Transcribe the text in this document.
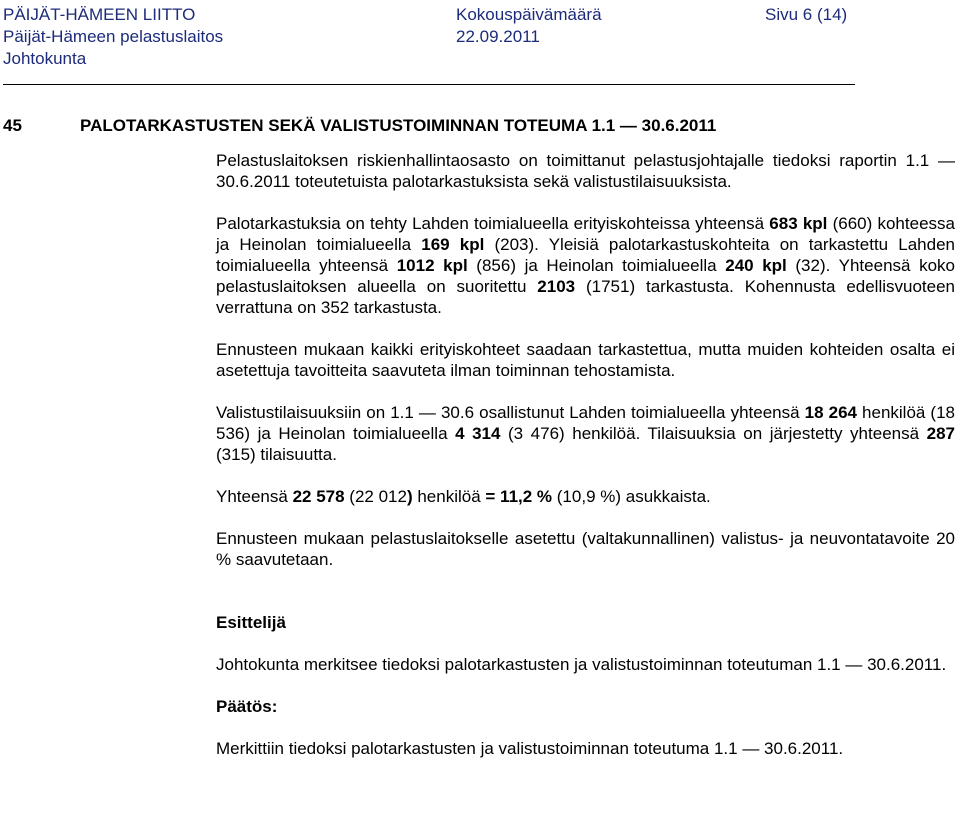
PÄIJÄT-HÄMEEN LIITTO
Päijät-Hämeen pelastuslaitos
Johtokunta
Kokouspäivämäärä
22.09.2011
Sivu 6 (14)
45	PALOTARKASTUSTEN SEKÄ VALISTUSTOIMINNAN TOTEUMA 1.1 — 30.6.2011

Pelastuslaitoksen riskienhallintaosasto on toimittanut pelastusjohtajalle tiedoksi raportin 1.1 — 30.6.2011 toteutetuista palotarkastuksista sekä valistustilaisuuksista.

Palotarkastuksia on tehty Lahden toimialueella erityiskohteissa yhteensä 683 kpl (660) kohteessa ja Heinolan toimialueella 169 kpl (203). Yleisiä palotarkastuskohteita on tarkastettu Lahden toimialueella yhteensä 1012 kpl (856) ja Heinolan toimialueella 240 kpl (32). Yhteensä koko pelastuslaitoksen alueella on suoritettu 2103 (1751) tarkastusta. Kohennusta edellisvuoteen verrattuna on 352 tarkastusta.

Ennusteen mukaan kaikki erityiskohteet saadaan tarkastettua, mutta muiden kohteiden osalta ei asetettuja tavoitteita saavuteta ilman toiminnan tehostamista.

Valistustilaisuuksiin on 1.1 — 30.6 osallistunut Lahden toimialueella yhteensä 18 264 henkilöä (18 536) ja Heinolan toimialueella 4 314 (3 476) henkilöä. Tilaisuuksia on järjestetty yhteensä 287 (315) tilaisuutta.

Yhteensä 22 578 (22 012) henkilöä = 11,2 % (10,9 %) asukkaista.

Ennusteen mukaan pelastuslaitokselle asetettu (valtakunnallinen) valistus- ja neuvontatavoite 20 % saavutetaan.

Esittelijä

Johtokunta merkitsee tiedoksi palotarkastusten ja valistustoiminnan toteutuman 1.1 — 30.6.2011.

Päätös:

Merkittiin tiedoksi palotarkastusten ja valistustoiminnan toteutuma 1.1 — 30.6.2011.
